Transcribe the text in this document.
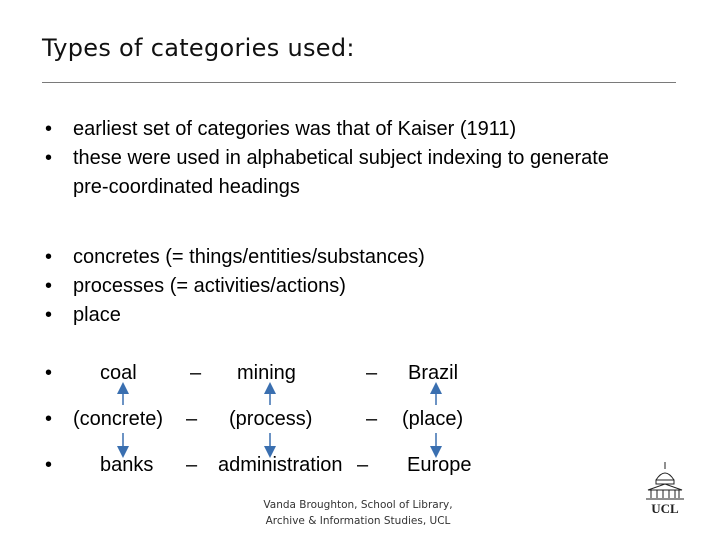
Types of categories used:
• earliest set of categories was that of Kaiser (1911)
• these were used in alphabetical subject indexing to generate pre-coordinated headings
• concretes (= things/entities/substances)
• processes (= activities/actions)
• place
• coal	– mining	– Brazil
• (concrete) – (process)	– (place)
• banks – administration – Europe
Vanda Broughton, School of Library,
Archive & Information Studies, UCL
UCL
